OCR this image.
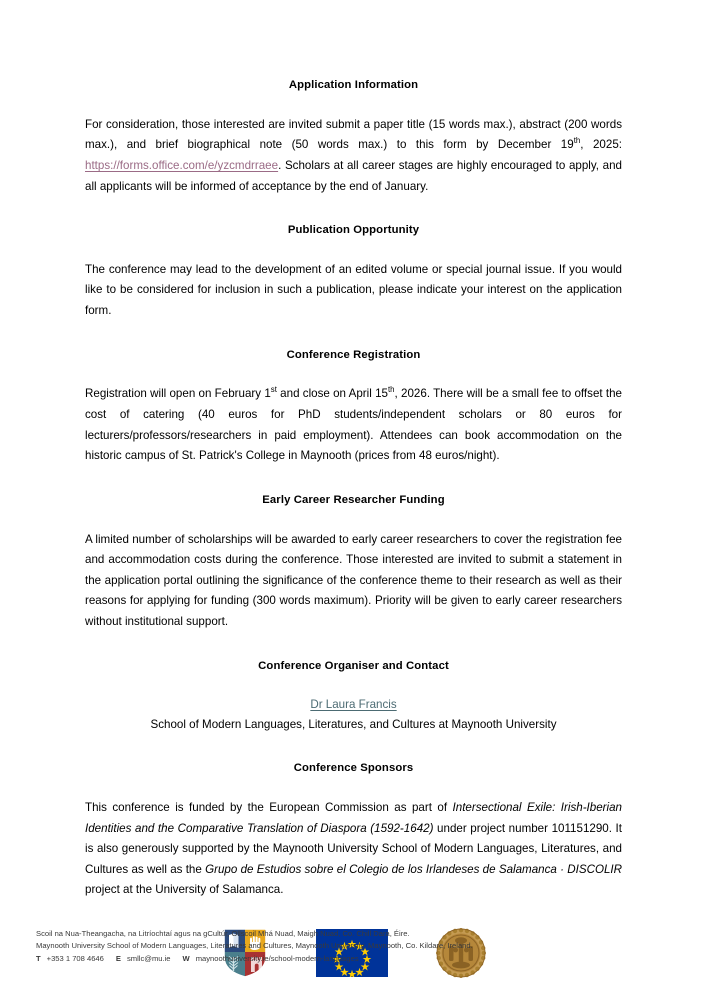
Application Information

For consideration, those interested are invited submit a paper title (15 words max.), abstract (200 words max.), and brief biographical note (50 words max.) to this form by December 19th, 2025: https://forms.office.com/e/yzcmdrraee. Scholars at all career stages are highly encouraged to apply, and all applicants will be informed of acceptance by the end of January.

Publication Opportunity

The conference may lead to the development of an edited volume or special journal issue. If you would like to be considered for inclusion in such a publication, please indicate your interest on the application form.

Conference Registration

Registration will open on February 1st and close on April 15th, 2026. There will be a small fee to offset the cost of catering (40 euros for PhD students/independent scholars or 80 euros for lecturers/professors/researchers in paid employment). Attendees can book accommodation on the historic campus of St. Patrick's College in Maynooth (prices from 48 euros/night).

Early Career Researcher Funding

A limited number of scholarships will be awarded to early career researchers to cover the registration fee and accommodation costs during the conference. Those interested are invited to submit a statement in the application portal outlining the significance of the conference theme to their research as well as their reasons for applying for funding (300 words maximum). Priority will be given to early career researchers without institutional support.

Conference Organiser and Contact

Dr Laura Francis

School of Modern Languages, Literatures, and Cultures at Maynooth University

Conference Sponsors

This conference is funded by the European Commission as part of Intersectional Exile: Irish-Iberian Identities and the Comparative Translation of Diaspora (1592-1642) under project number 101151290. It is also generously supported by the Maynooth University School of Modern Languages, Literatures, and Cultures as well as the Grupo de Estudios sobre el Colegio de los Irlandeses de Salamanca · DISCOLIR project at the University of Salamanca.

Scoil na Nua-Theangacha, na Litríochtaí agus na gCultúr, Ollscoil Mhá Nuad, Maigh Nuad, Co. Chill Dara, Éire.
Maynooth University School of Modern Languages, Literatures and Cultures, Maynooth University, Maynooth, Co. Kildare, Ireland.
T +353 1 708 4646 E smllc@mu.ie W maynoothuniversity.ie/school-modern-languages
